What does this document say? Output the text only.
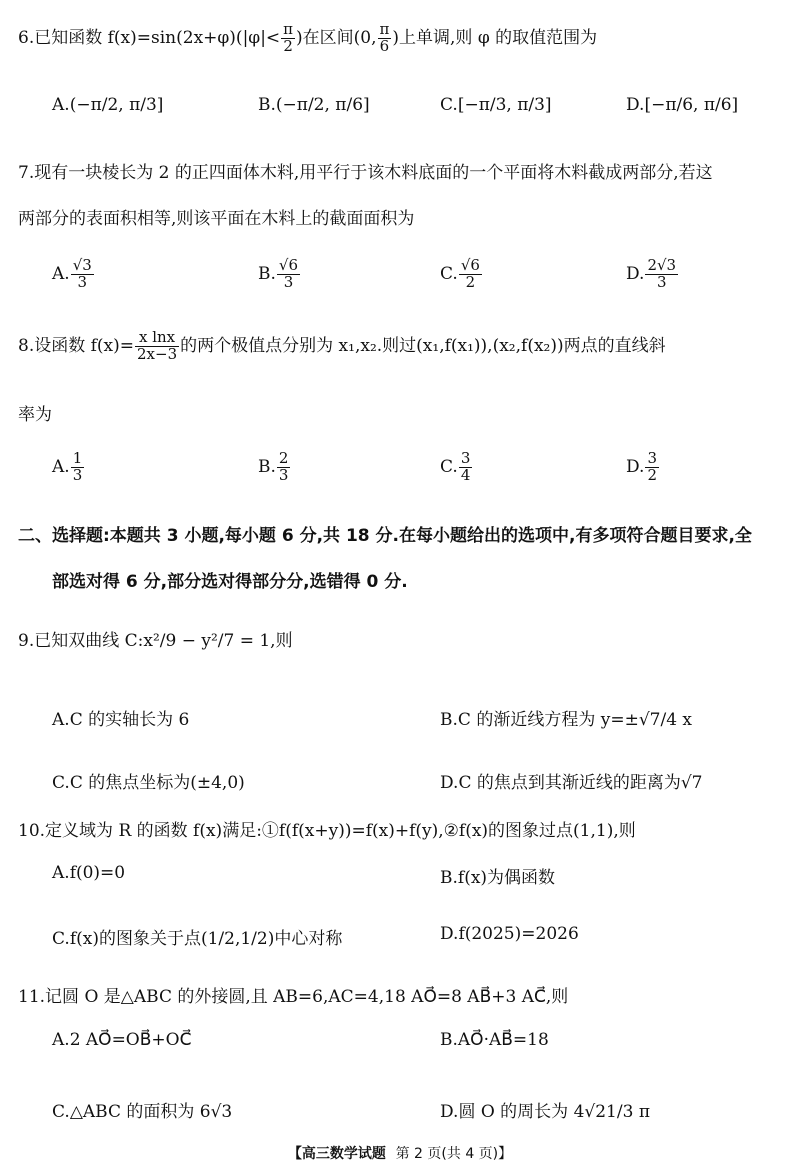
6.已知函数 $f(x)=\sin(2x+\varphi)(|\varphi|< \frac{\pi}{2}$ )在区间(0, $\frac{\pi}{6}$ )上单调,则 φ 的取值范围为
A.(−π/2, π/3]	B.(−π/2, π/6]	C.[−π/3, π/3]	D.[−π/6, π/6]
7.现有一块棱长为 2 的正四面体木料,用平行于该木料底面的一个平面将木料截成两部分,若这
两部分的表面积相等,则该平面在木料上的截面面积为
A. $\frac{√3}{3}$	B. $\frac{√6}{3}$	C. $\frac{√6}{2}$	D. $\frac{2√3}{3}$
8.设函数 $f(x)= \frac{\text{x lnx}}{2x-3}$ 的两个极值点分别为 x₁,x₂.则过(x₁,f(x₁)),(x₂,f(x₂))两点的直线斜
率为
A. $\frac{1}{3}$	B. $\frac{2}{3}$	C. $\frac{3}{4}$	D. $\frac{3}{2}$
二、选择题:本题共 3 小题,每小题 6 分,共 18 分.在每小题给出的选项中,有多项符合题目要求,全
部选对得 6 分,部分选对得部分分,选错得 0 分.
9.已知双曲线 C:x²/9 − y²/7 = 1,则
A.C 的实轴长为 6	B.C 的渐近线方程为 y=±√7/4 x
C.C 的焦点坐标为(±4,0)	D.C 的焦点到其渐近线的距离为√7
10.定义域为 R 的函数 f(x)满足:①f(f(x+y))=f(x)+f(y),②f(x)的图象过点(1,1),则
A.f(0)=0	B.f(x)为偶函数
C.f(x)的图象关于点(1/2,1/2)中心对称	D.f(2025)=2026
11.记圆 O 是△ABC 的外接圆,且 AB=6,AC=4,18 AO⃗=8 AB⃗+3 AC⃗,则
A.2 AO⃗=OB⃗+OC⃗	B.AO⃗·AB⃗=18
C.△ABC 的面积为 6√3	D.圆 O 的周长为 4√21/3 π
【高三数学试题 第 2 页(共 4 页)】
